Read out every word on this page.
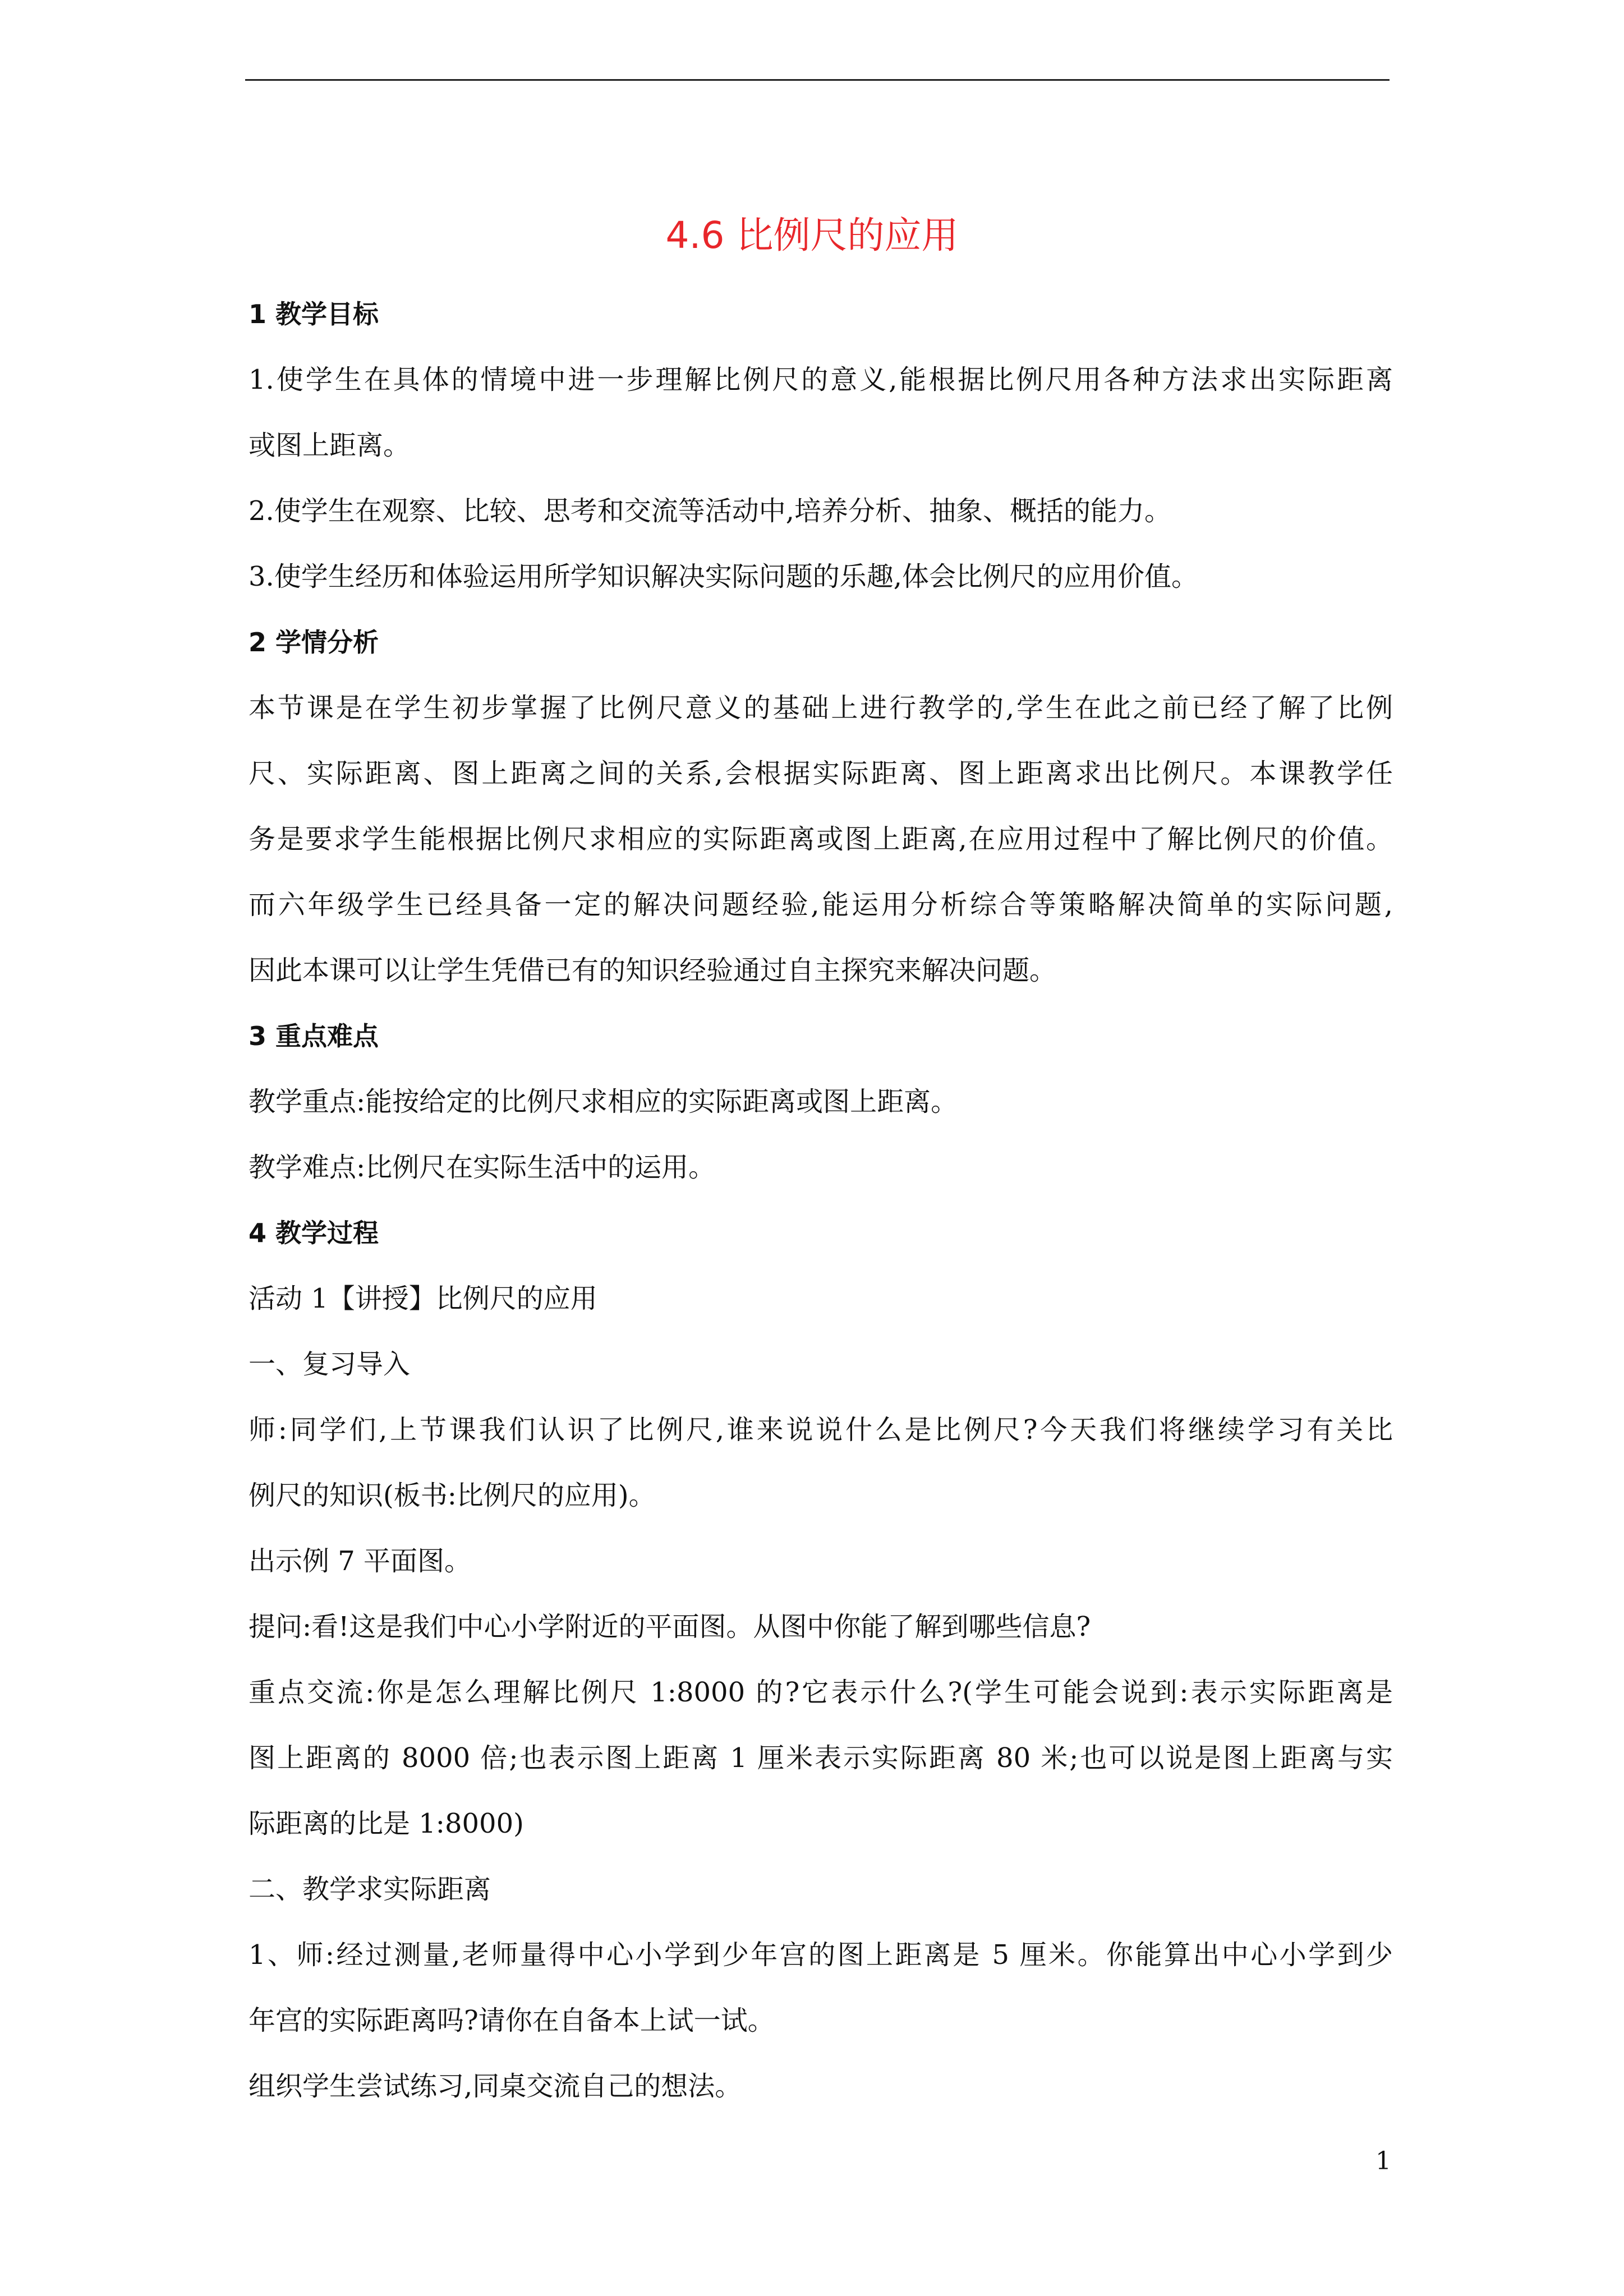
4.6 比例尺的应用
1 教学目标
1.使学生在具体的情境中进一步理解比例尺的意义,能根据比例尺用各种方法求出实际距离
或图上距离。
2.使学生在观察、比较、思考和交流等活动中,培养分析、抽象、概括的能力。
3.使学生经历和体验运用所学知识解决实际问题的乐趣,体会比例尺的应用价值。
2 学情分析
本节课是在学生初步掌握了比例尺意义的基础上进行教学的,学生在此之前已经了解了比例
尺、实际距离、图上距离之间的关系,会根据实际距离、图上距离求出比例尺。本课教学任
务是要求学生能根据比例尺求相应的实际距离或图上距离,在应用过程中了解比例尺的价值。
而六年级学生已经具备一定的解决问题经验,能运用分析综合等策略解决简单的实际问题,
因此本课可以让学生凭借已有的知识经验通过自主探究来解决问题。
3 重点难点
教学重点:能按给定的比例尺求相应的实际距离或图上距离。
教学难点:比例尺在实际生活中的运用。
4 教学过程
活动 1【讲授】比例尺的应用
一、复习导入
师:同学们,上节课我们认识了比例尺,谁来说说什么是比例尺?今天我们将继续学习有关比
例尺的知识(板书:比例尺的应用)。
出示例 7 平面图。
提问:看!这是我们中心小学附近的平面图。从图中你能了解到哪些信息?
重点交流:你是怎么理解比例尺 1:8000 的?它表示什么?(学生可能会说到:表示实际距离是
图上距离的 8000 倍;也表示图上距离 1 厘米表示实际距离 80 米;也可以说是图上距离与实
际距离的比是 1:8000)
二、教学求实际距离
1、师:经过测量,老师量得中心小学到少年宫的图上距离是 5 厘米。你能算出中心小学到少
年宫的实际距离吗?请你在自备本上试一试。
组织学生尝试练习,同桌交流自己的想法。
1
